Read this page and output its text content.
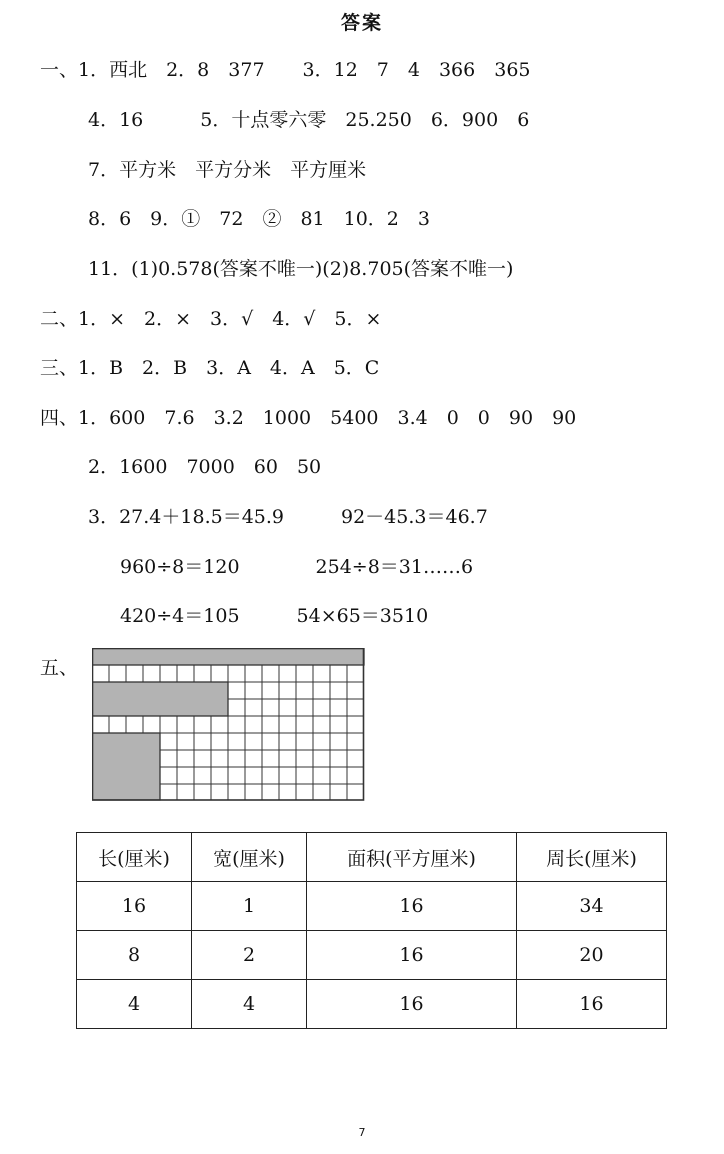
答案
一、1．西北　2．8　377　　3．12　7　4　366　365
4．16　　　5．十点零六零　25.250　6．900　6
7．平方米　平方分米　平方厘米
8．6　9．①　72　②　81　10．2　3
11．(1)0.578(答案不唯一)(2)8.705(答案不唯一)
二、1．×　2．×　3．√　4．√　5．×
三、1．B　2．B　3．A　4．A　5．C
四、1．600　7.6　3.2　1000　5400　3.4　0　0　90　90
2．1600　7000　60　50
3．27.4＋18.5＝45.9　　　92－45.3＝46.7
960÷8＝120　　　　254÷8＝31……6
420÷4＝105　　　54×65＝3510
五、
长(厘米)	宽(厘米)	面积(平方厘米)	周长(厘米)
16	1	16	34
8	2	16	20
4	4	16	16
7
